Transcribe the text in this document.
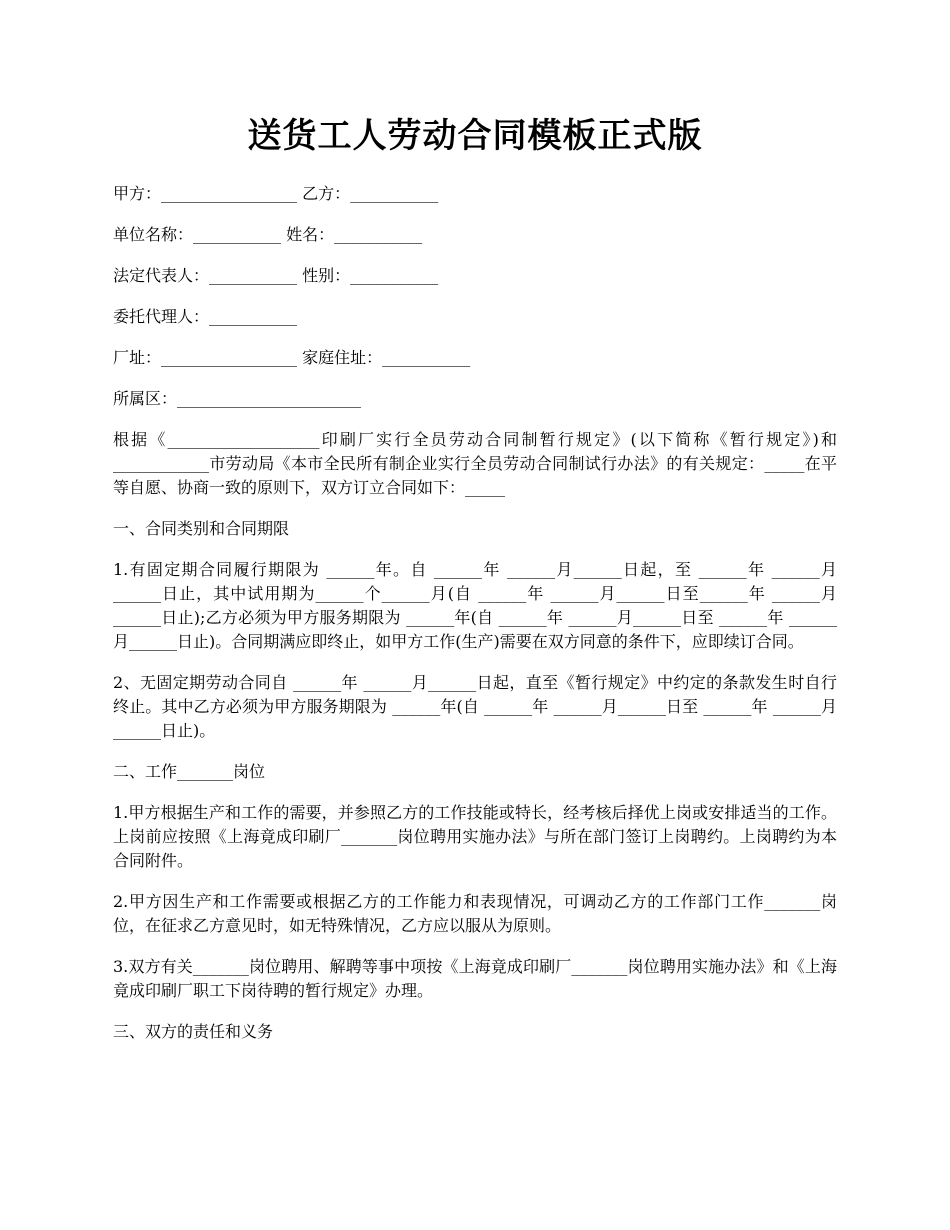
送货工人劳动合同模板正式版

甲方：_________________ 乙方：___________

单位名称：___________ 姓名：___________

法定代表人：___________ 性别：___________

委托代理人：___________

厂址：_________________ 家庭住址：___________

所属区：_______________________

根据《___________________印刷厂实行全员劳动合同制暂行规定》(以下简称《暂行规定》)和____________市劳动局《本市全民所有制企业实行全员劳动合同制试行办法》的有关规定：_____在平等自愿、协商一致的原则下，双方订立合同如下：_____

一、合同类别和合同期限

1.有固定期合同履行期限为 ______年。自 ______年 ______月______日起，至 ______年 ______月______日止，其中试用期为______个______月(自 ______年 ______月______日至______年 ______月______日止);乙方必须为甲方服务期限为 ______年(自 ______年 ______月______日至 ______年 ______月______日止)。合同期满应即终止，如甲方工作(生产)需要在双方同意的条件下，应即续订合同。

2、无固定期劳动合同自 ______年 ______月______日起，直至《暂行规定》中约定的条款发生时自行终止。其中乙方必须为甲方服务期限为 ______年(自 ______年 ______月______日至 ______年 ______月______日止)。

二、工作_______岗位

1.甲方根据生产和工作的需要，并参照乙方的工作技能或特长，经考核后择优上岗或安排适当的工作。上岗前应按照《上海竟成印刷厂_______岗位聘用实施办法》与所在部门签订上岗聘约。上岗聘约为本合同附件。

2.甲方因生产和工作需要或根据乙方的工作能力和表现情况，可调动乙方的工作部门工作_______岗位，在征求乙方意见时，如无特殊情况，乙方应以服从为原则。

3.双方有关_______岗位聘用、解聘等事中项按《上海竟成印刷厂_______岗位聘用实施办法》和《上海竟成印刷厂职工下岗待聘的暂行规定》办理。

三、双方的责任和义务
